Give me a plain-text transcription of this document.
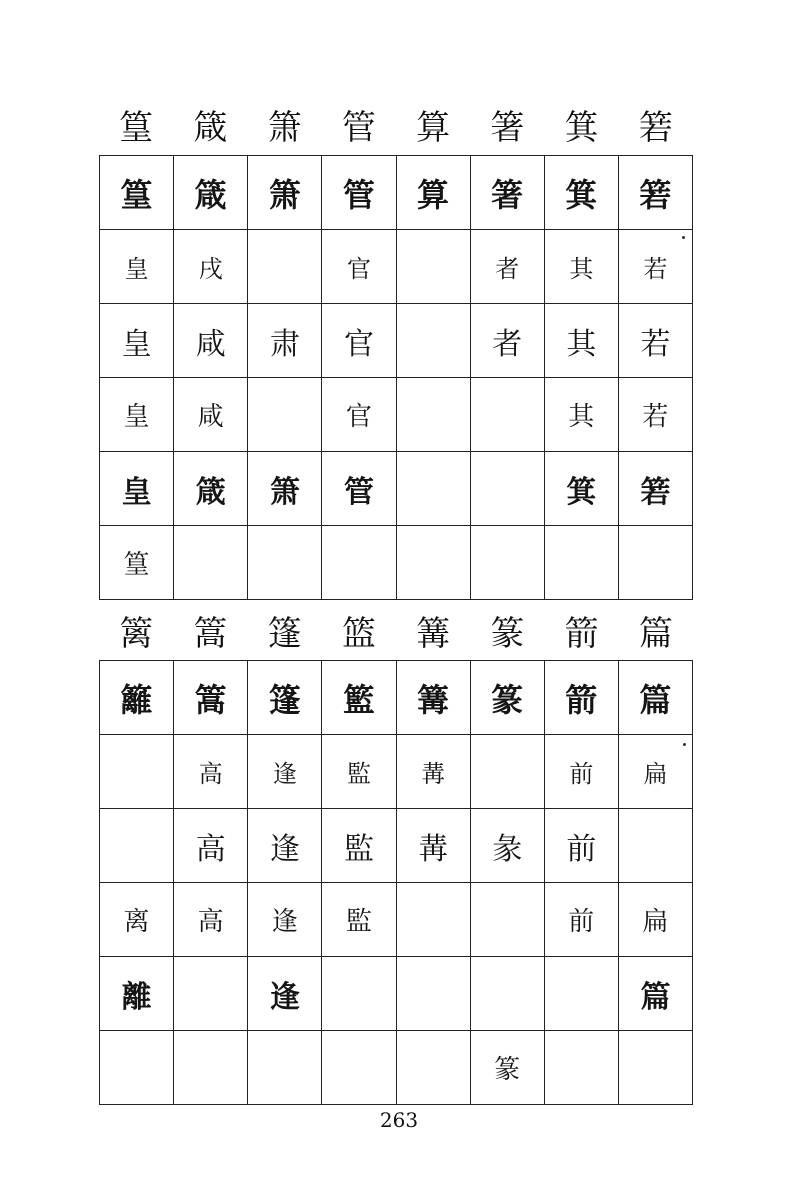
篁	箴	箫	管	算	箸	箕	箬
篁	箴	箫	管	算	箸	箕	箬
皇	戌		官		者	其	若
皇	咸	肃	官		者	其	若
皇	咸		官			其	若
皇	箴	箫	管			箕	箬
篁							
篱	篙	篷	篮	篝	篆	箭	篇
籬	篙	篷	籃	篝	篆	箭	篇
	高	逢	監	冓		前	扁
	高	逢	監	冓	彖	前	
离	高	逢	監			前	扁
離		逢					篇
					篆		
263
